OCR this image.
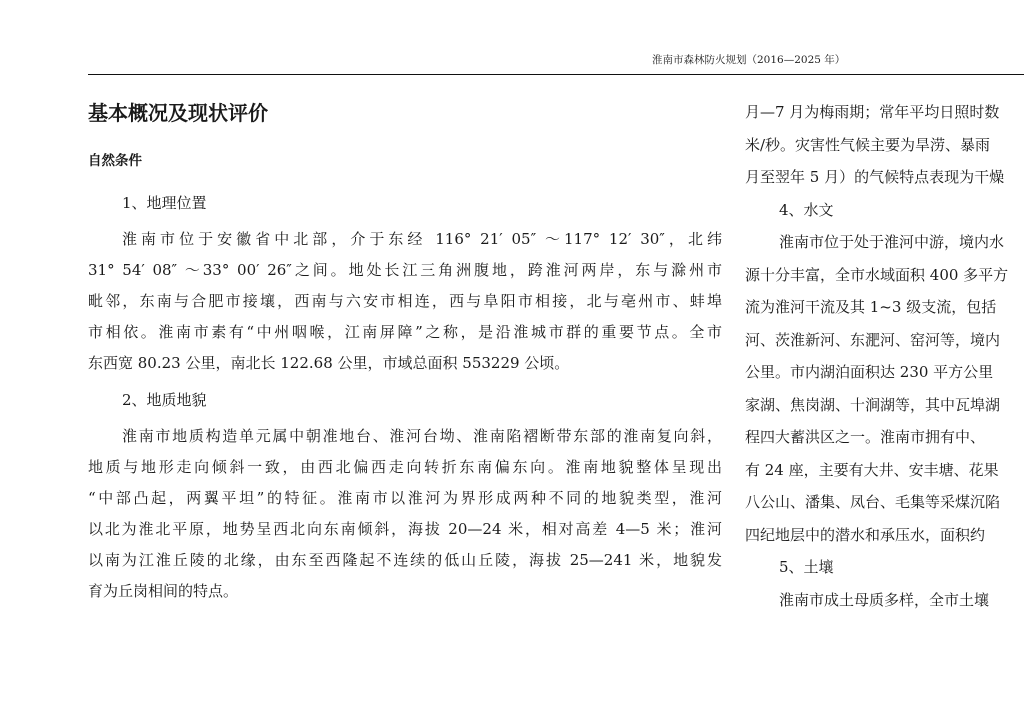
淮南市森林防火规划（2016—2025 年）
基本概况及现状评价
自然条件
1、地理位置
淮南市位于安徽省中北部，介于东经 116° 21′ 05″ ～117° 12′ 30″，北纬
31° 54′ 08″ ～33° 00′ 26″之间。地处长江三角洲腹地，跨淮河两岸，东与滁州市
毗邻，东南与合肥市接壤，西南与六安市相连，西与阜阳市相接，北与亳州市、蚌埠
市相依。淮南市素有“中州咽喉，江南屏障”之称，是沿淮城市群的重要节点。全市
东西宽 80.23 公里，南北长 122.68 公里，市域总面积 553229 公顷。
2、地质地貌
淮南市地质构造单元属中朝准地台、淮河台坳、淮南陷褶断带东部的淮南复向斜，
地质与地形走向倾斜一致，由西北偏西走向转折东南偏东向。淮南地貌整体呈现出
“中部凸起，两翼平坦”的特征。淮南市以淮河为界形成两种不同的地貌类型，淮河
以北为淮北平原，地势呈西北向东南倾斜，海拔 20—24 米，相对高差 4—5 米；淮河
以南为江淮丘陵的北缘，由东至西隆起不连续的低山丘陵，海拔 25—241 米，地貌发
育为丘岗相间的特点。
月—7 月为梅雨期；常年平均日照时数
米/秒。灾害性气候主要为旱涝、暴雨
月至翌年 5 月）的气候特点表现为干燥
4、水文
淮南市位于处于淮河中游，境内水
源十分丰富，全市水域面积 400 多平方
流为淮河干流及其 1~3 级支流，包括
河、茨淮新河、东淝河、窑河等，境内
公里。市内湖泊面积达 230 平方公里
家湖、焦岗湖、十涧湖等，其中瓦埠湖
程四大蓄洪区之一。淮南市拥有中、
有 24 座，主要有大井、安丰塘、花果
八公山、潘集、凤台、毛集等采煤沉陷
四纪地层中的潜水和承压水，面积约
5、土壤
淮南市成土母质多样，全市土壤
